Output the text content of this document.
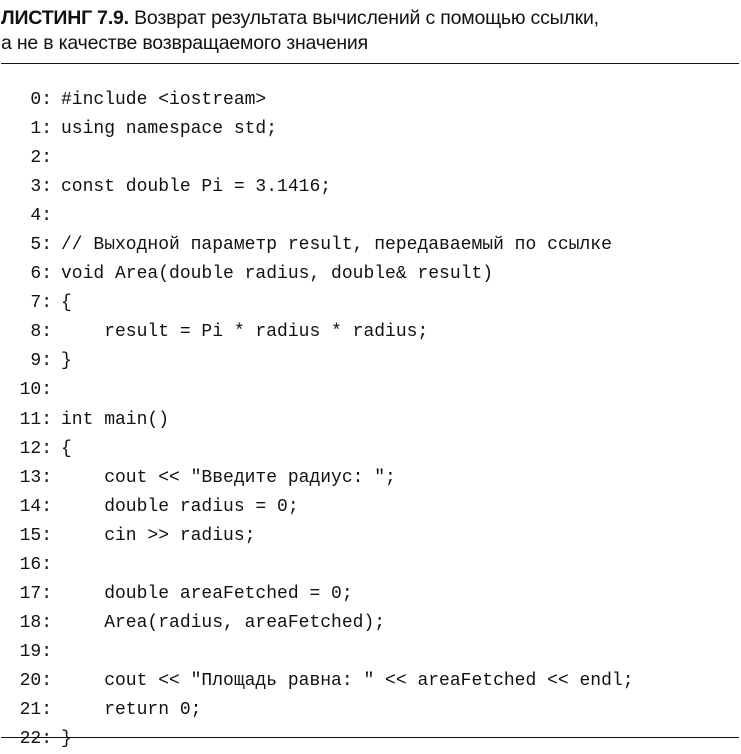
ЛИСТИНГ 7.9. Возврат результата вычислений с помощью ссылки,
а не в качестве возвращаемого значения
0: #include <iostream>
1: using namespace std;
2:
3: const double Pi = 3.1416;
4:
5: // Выходной параметр result, передаваемый по ссылке
6: void Area(double radius, double& result)
7: {
8:    result = Pi * radius * radius;
9: }
10:
11: int main()
12: {
13:    cout << "Введите радиус: ";
14:    double radius = 0;
15:    cin >> radius;
16:
17:    double areaFetched = 0;
18:    Area(radius, areaFetched);
19:
20:    cout << "Площадь равна: " << areaFetched << endl;
21:    return 0;
22: }
